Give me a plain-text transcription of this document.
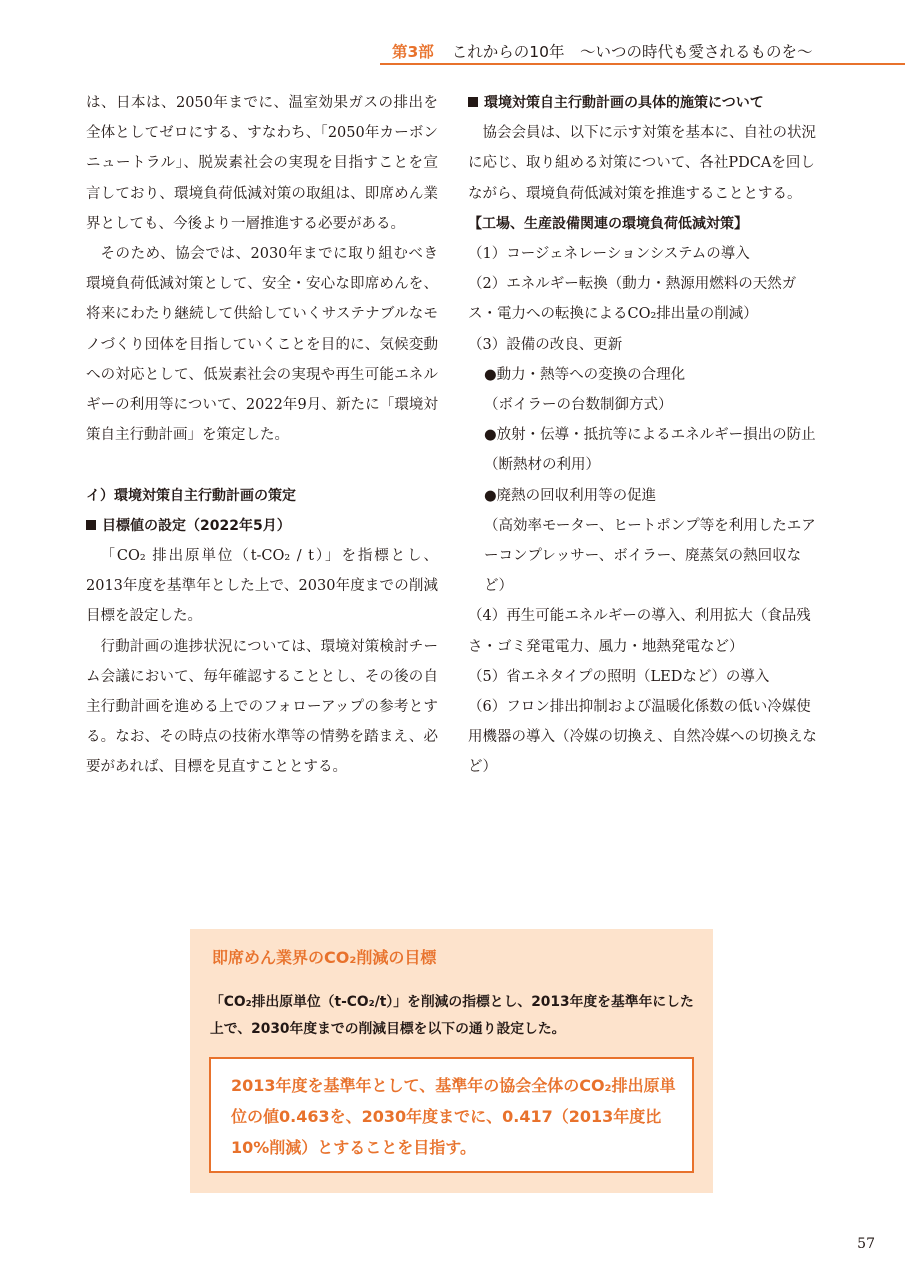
第3部 これからの10年　～いつの時代も愛されるものを～

は、日本は、2050年までに、温室効果ガスの排出を全体としてゼロにする、すなわち、「2050年カーボンニュートラル」、脱炭素社会の実現を目指すことを宣言しており、環境負荷低減対策の取組は、即席めん業界としても、今後より一層推進する必要がある。

そのため、協会では、2030年までに取り組むべき環境負荷低減対策として、安全・安心な即席めんを、将来にわたり継続して供給していくサステナブルなモノづくり団体を目指していくことを目的に、気候変動への対応として、低炭素社会の実現や再生可能エネルギーの利用等について、2022年9月、新たに「環境対策自主行動計画」を策定した。

イ）環境対策自主行動計画の策定

目標値の設定（2022年5月）

「CO₂ 排出原単位（t-CO₂ / t）」を指標とし、2013年度を基準年とした上で、2030年度までの削減目標を設定した。

行動計画の進捗状況については、環境対策検討チーム会議において、毎年確認することとし、その後の自主行動計画を進める上でのフォローアップの参考とする。なお、その時点の技術水準等の情勢を踏まえ、必要があれば、目標を見直すこととする。

環境対策自主行動計画の具体的施策について

協会会員は、以下に示す対策を基本に、自社の状況に応じ、取り組める対策について、各社PDCAを回しながら、環境負荷低減対策を推進することとする。

【工場、生産設備関連の環境負荷低減対策】

（1）コージェネレーションシステムの導入

（2）エネルギー転換（動力・熱源用燃料の天然ガス・電力への転換によるCO₂排出量の削減）

（3）設備の改良、更新

●動力・熱等への変換の合理化

（ボイラーの台数制御方式）

●放射・伝導・抵抗等によるエネルギー損出の防止

（断熱材の利用）

●廃熱の回収利用等の促進

（高効率モーター、ヒートポンプ等を利用したエアーコンプレッサー、ボイラー、廃蒸気の熱回収など）

（4）再生可能エネルギーの導入、利用拡大（食品残さ・ゴミ発電電力、風力・地熱発電など）

（5）省エネタイプの照明（LEDなど）の導入

（6）フロン排出抑制および温暖化係数の低い冷媒使用機器の導入（冷媒の切換え、自然冷媒への切換えなど）

即席めん業界のCO₂削減の目標
「CO₂排出原単位（t-CO₂/t）」を削減の指標とし、2013年度を基準年にした上で、2030年度までの削減目標を以下の通り設定した。
2013年度を基準年として、基準年の協会全体のCO₂排出原単位の値0.463を、2030年度までに、0.417（2013年度比10%削減）とすることを目指す。
57
